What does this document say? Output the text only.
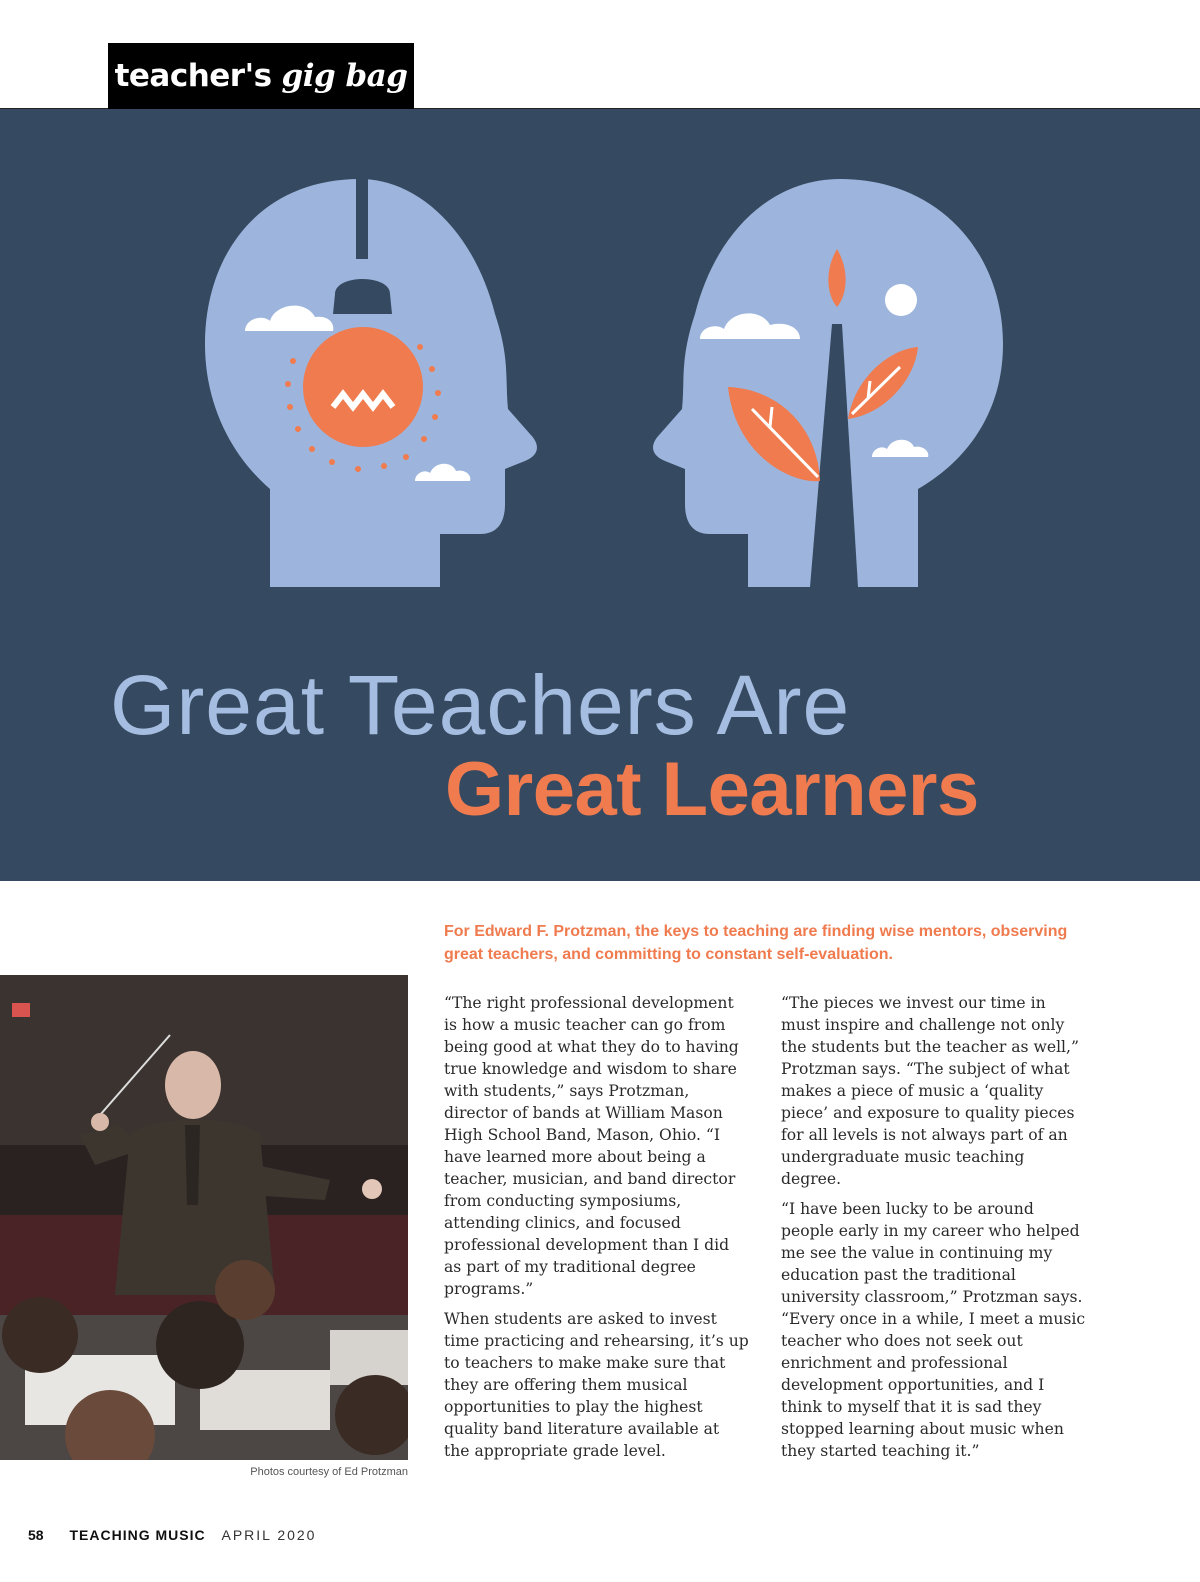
teacher's gig bag
Great Teachers Are
Great Learners
For Edward F. Protzman, the keys to teaching are finding wise mentors, observing great teachers, and committing to constant self-evaluation.
Photos courtesy of Ed Protzman

“The right professional development is how a music teacher can go from being good at what they do to having true knowledge and wisdom to share with students,” says Protzman, director of bands at William Mason High School Band, Mason, Ohio. “I have learned more about being a teacher, musician, and band director from conducting symposiums, attending clinics, and focused professional development than I did as part of my traditional degree programs.”

When students are asked to invest time practicing and rehearsing, it’s up to teachers to make make sure that they are offering them musical opportunities to play the highest quality band literature available at the appropriate grade level.

“The pieces we invest our time in must inspire and challenge not only the students but the teacher as well,” Protzman says. “The subject of what makes a piece of music a ‘quality piece’ and exposure to quality pieces for all levels is not always part of an undergraduate music teaching degree.

“I have been lucky to be around people early in my career who helped me see the value in continuing my education past the traditional university classroom,” Protzman says. “Every once in a while, I meet a music teacher who does not seek out enrichment and professional development opportunities, and I think to myself that it is sad they stopped learning about music when they started teaching it.”

58 TEACHING MUSIC APRIL 2020
